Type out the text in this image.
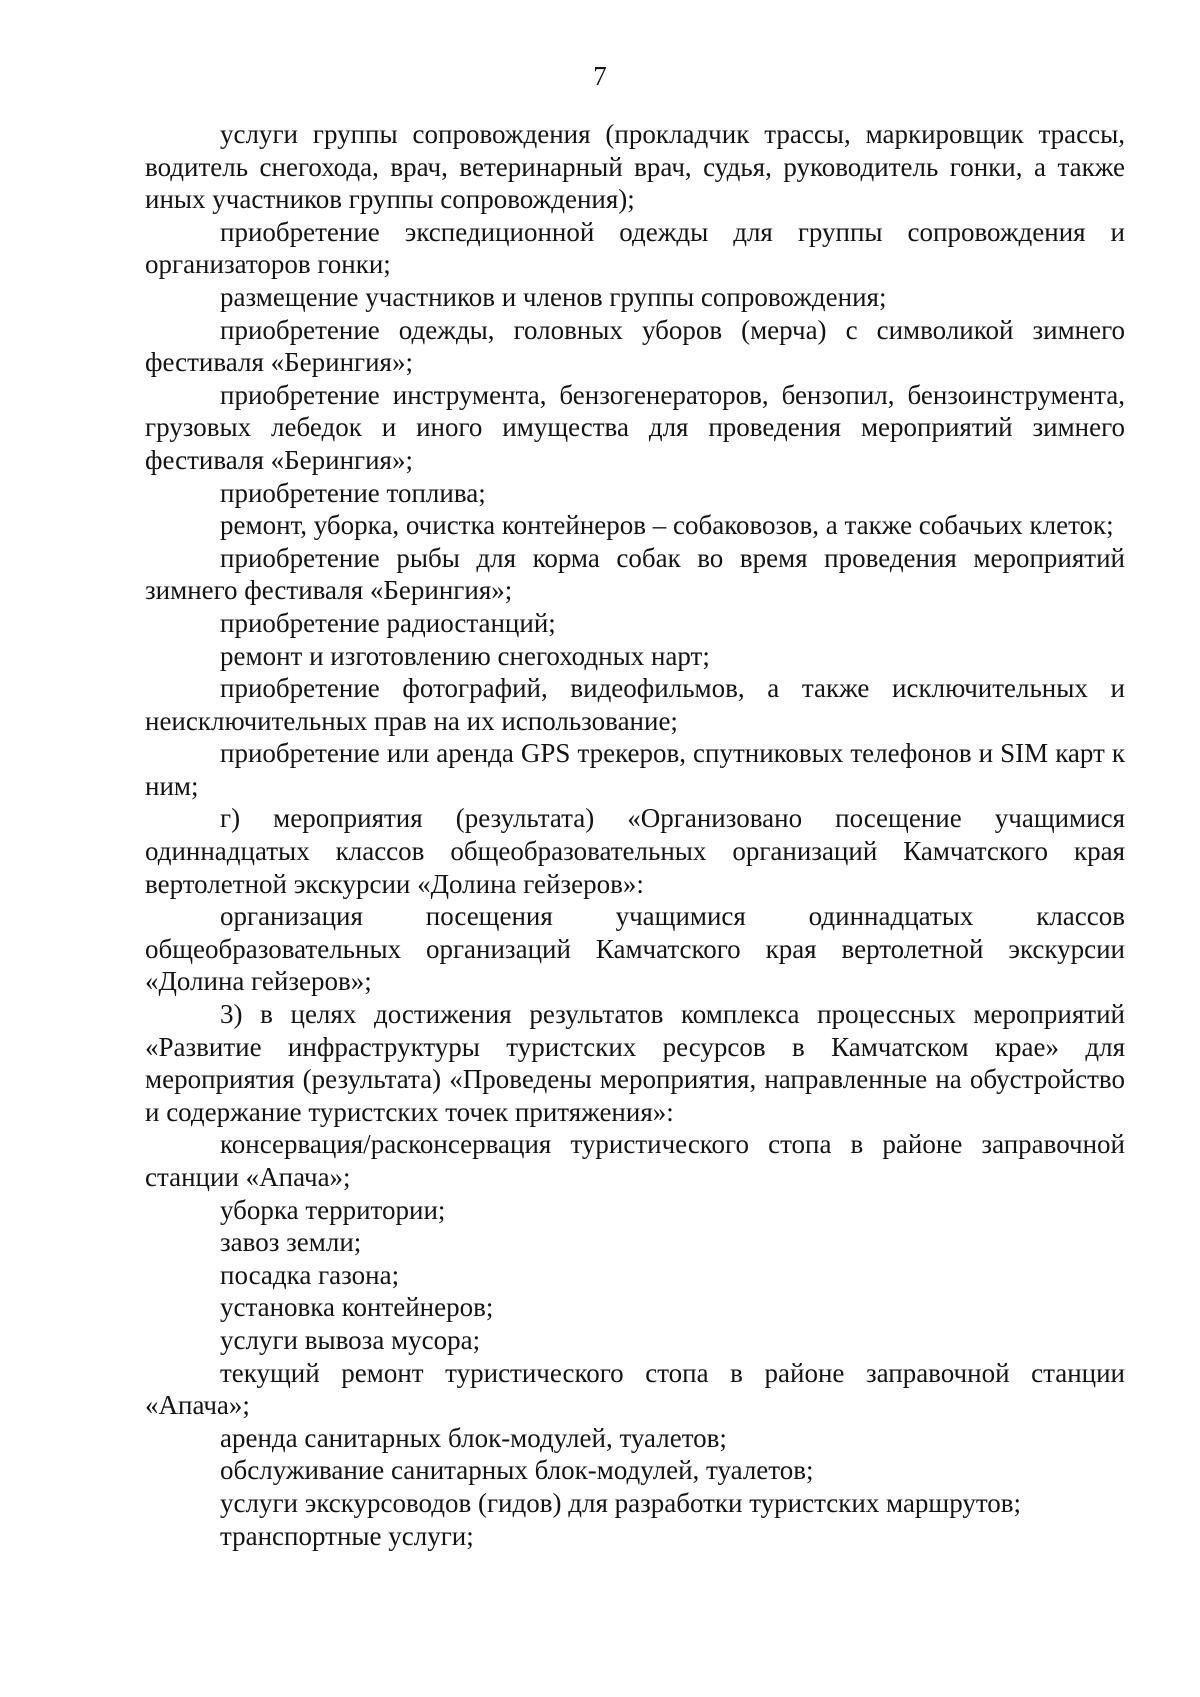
7

услуги группы сопровождения (прокладчик трассы, маркировщик трассы, водитель снегохода, врач, ветеринарный врач, судья, руководитель гонки, а также иных участников группы сопровождения);

приобретение экспедиционной одежды для группы сопровождения и организаторов гонки;

размещение участников и членов группы сопровождения;

приобретение одежды, головных уборов (мерча) с символикой зимнего фестиваля «Берингия»;

приобретение инструмента, бензогенераторов, бензопил, бензоинструмента, грузовых лебедок и иного имущества для проведения мероприятий зимнего фестиваля «Берингия»;

приобретение топлива;

ремонт, уборка, очистка контейнеров – собаковозов, а также собачьих клеток;

приобретение рыбы для корма собак во время проведения мероприятий зимнего фестиваля «Берингия»;

приобретение радиостанций;

ремонт и изготовлению снегоходных нарт;

приобретение фотографий, видеофильмов, а также исключительных и неисключительных прав на их использование;

приобретение или аренда GPS трекеров, спутниковых телефонов и SIM карт к ним;

г) мероприятия (результата) «Организовано посещение учащимися одиннадцатых классов общеобразовательных организаций Камчатского края вертолетной экскурсии «Долина гейзеров»:

организация посещения учащимися одиннадцатых классов общеобразовательных организаций Камчатского края вертолетной экскурсии «Долина гейзеров»;

3) в целях достижения результатов комплекса процессных мероприятий «Развитие инфраструктуры туристских ресурсов в Камчатском крае» для мероприятия (результата) «Проведены мероприятия, направленные на обустройство и содержание туристских точек притяжения»:

консервация/расконсервация туристического стопа в районе заправочной станции «Апача»;

уборка территории;

завоз земли;

посадка газона;

установка контейнеров;

услуги вывоза мусора;

текущий ремонт туристического стопа в районе заправочной станции «Апача»;

аренда санитарных блок-модулей, туалетов;

обслуживание санитарных блок-модулей, туалетов;

услуги экскурсоводов (гидов) для разработки туристских маршрутов;

транспортные услуги;
